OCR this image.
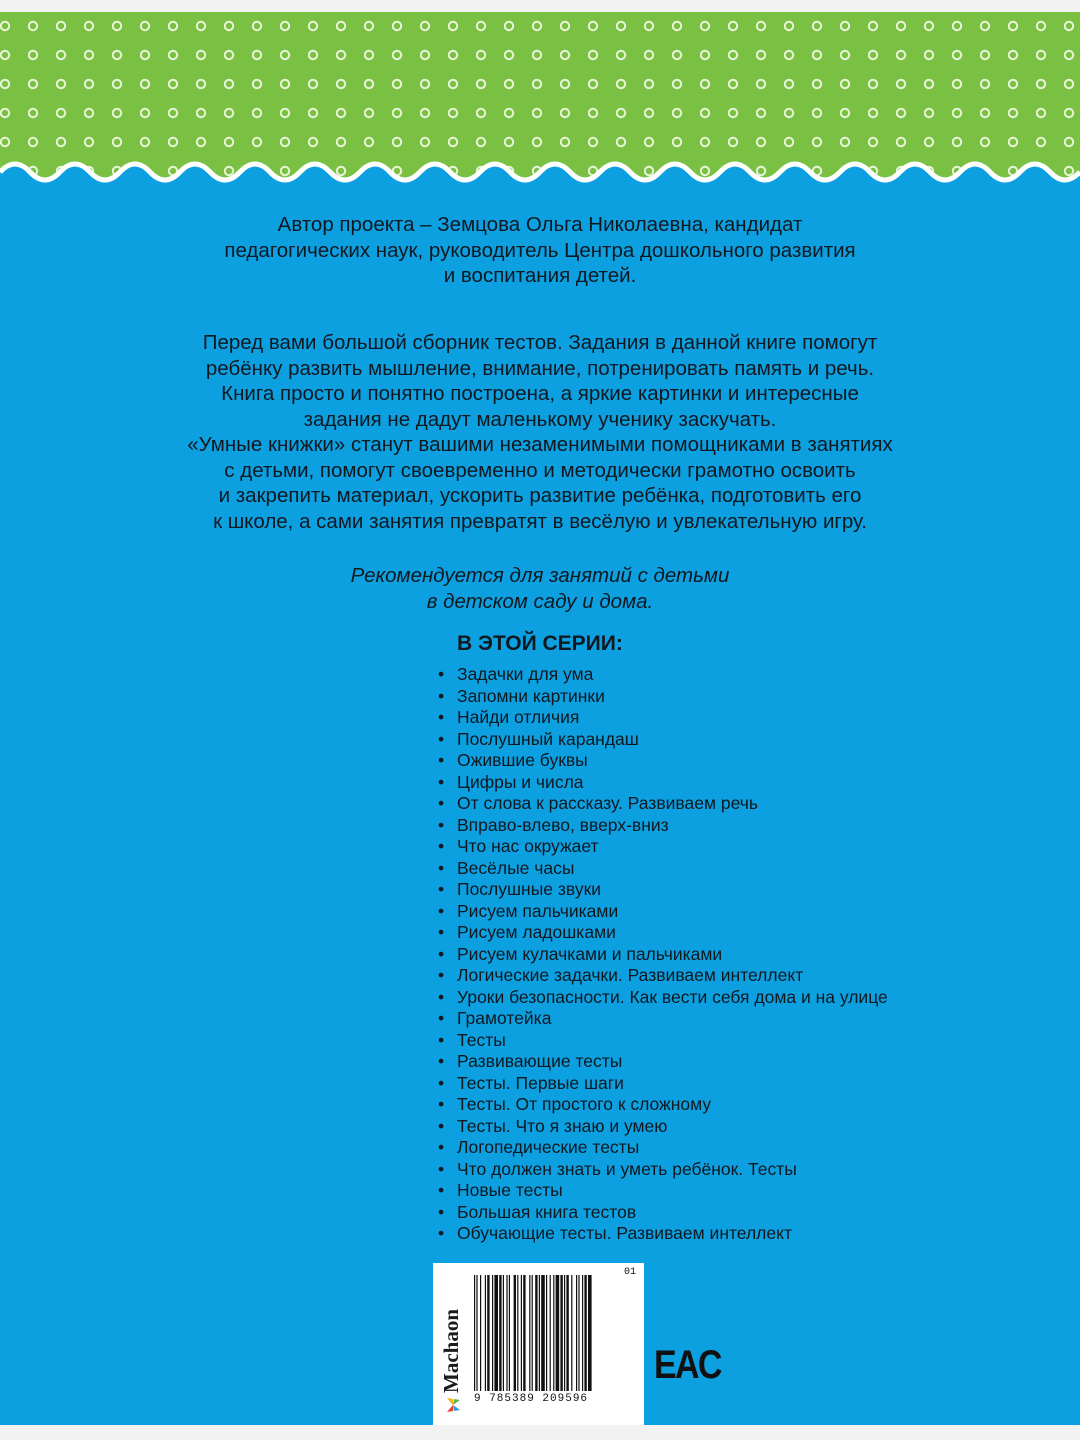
Автор проекта – Земцова Ольга Николаевна, кандидат
педагогических наук, руководитель Центра дошкольного развития
и воспитания детей.
Перед вами большой сборник тестов. Задания в данной книге помогут
ребёнку развить мышление, внимание, потренировать память и речь.
Книга просто и понятно построена, а яркие картинки и интересные
задания не дадут маленькому ученику заскучать.
«Умные книжки» станут вашими незаменимыми помощниками в занятиях
с детьми, помогут своевременно и методически грамотно освоить
и закрепить материал, ускорить развитие ребёнка, подготовить его
к школе, а сами занятия превратят в весёлую и увлекательную игру.
Рекомендуется для занятий с детьми
в детском саду и дома.
В ЭТОЙ СЕРИИ:
• Задачки для ума
• Запомни картинки
• Найди отличия
• Послушный карандаш
• Ожившие буквы
• Цифры и числа
• От слова к рассказу. Развиваем речь
• Вправо-влево, вверх-вниз
• Что нас окружает
• Весёлые часы
• Послушные звуки
• Рисуем пальчиками
• Рисуем ладошками
• Рисуем кулачками и пальчиками
• Логические задачки. Развиваем интеллект
• Уроки безопасности. Как вести себя дома и на улице
• Грамотейка
• Тесты
• Развивающие тесты
• Тесты. Первые шаги
• Тесты. От простого к сложному
• Тесты. Что я знаю и умею
• Логопедические тесты
• Что должен знать и уметь ребёнок. Тесты
• Новые тесты
• Большая книга тестов
• Обучающие тесты. Развиваем интеллект
Machaon
9 785389 209596
01
EAC
